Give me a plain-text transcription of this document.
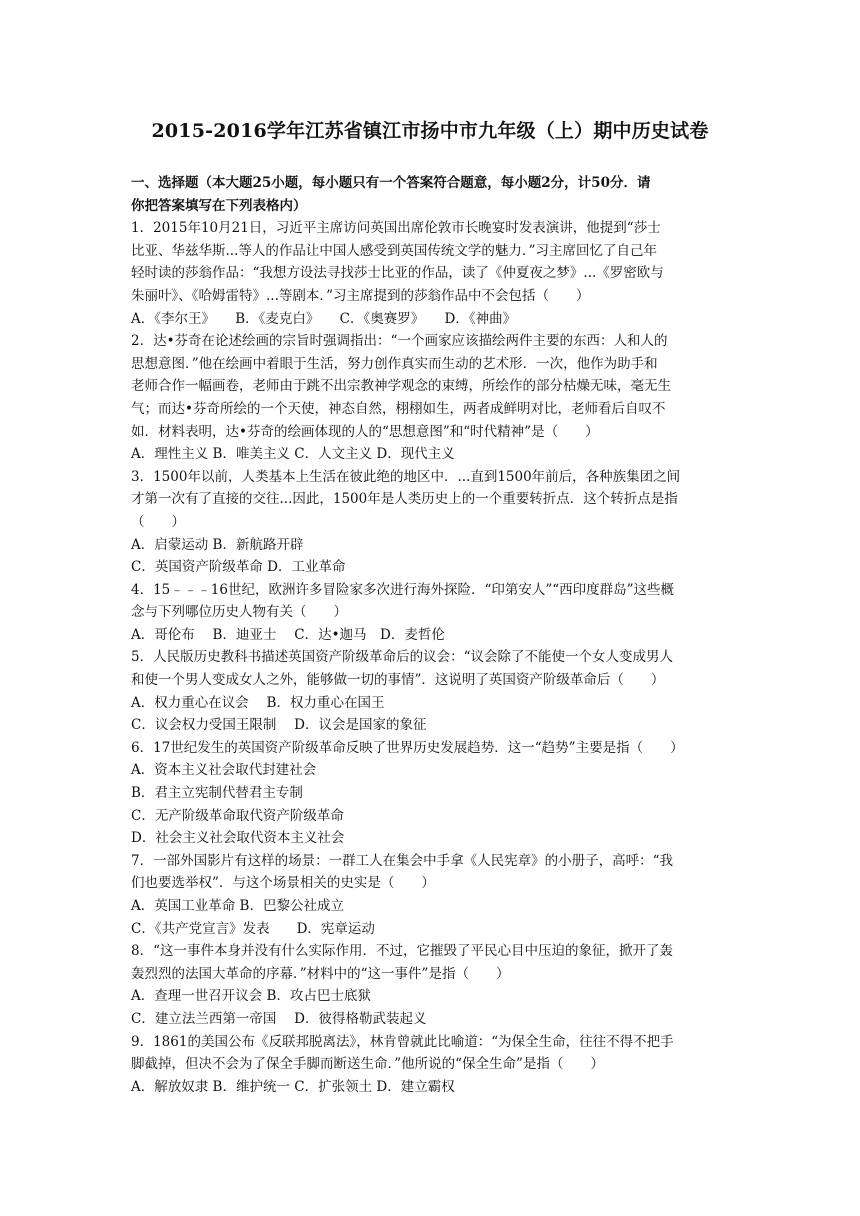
2015-2016学年江苏省镇江市扬中市九年级（上）期中历史试卷
一、选择题（本大题25小题，每小题只有一个答案符合题意，每小题2分，计50分．请
你把答案填写在下列表格内）
1．2015年10月21日，习近平主席访问英国出席伦敦市长晚宴时发表演讲，他提到“莎士
比亚、华兹华斯...等人的作品让中国人感受到英国传统文学的魅力．”习主席回忆了自己年
轻时读的莎翁作品：“我想方设法寻找莎士比亚的作品，读了《仲夏夜之梦》...《罗密欧与
朱丽叶》、《哈姆雷特》...等剧本．”习主席提到的莎翁作品中不会包括（　　）
A．《李尔王》　　B．《麦克白》　　C．《奥赛罗》　　D．《神曲》
2．达•芬奇在论述绘画的宗旨时强调指出：“一个画家应该描绘两件主要的东西：人和人的
思想意图．”他在绘画中着眼于生活，努力创作真实而生动的艺术形．一次，他作为助手和
老师合作一幅画卷，老师由于跳不出宗教神学观念的束缚，所绘作的部分枯燥无味，毫无生
气；而达•芬奇所绘的一个天使，神态自然，栩栩如生，两者成鲜明对比，老师看后自叹不
如．材料表明，达•芬奇的绘画体现的人的“思想意图”和“时代精神”是（　　）
A．理性主义 B．唯美主义 C．人文主义 D．现代主义
3．1500年以前，人类基本上生活在彼此绝的地区中．...直到1500年前后，各种族集团之间
才第一次有了直接的交往...因此，1500年是人类历史上的一个重要转折点．这个转折点是指
（　　）
A．启蒙运动 B．新航路开辟
C．英国资产阶级革命 D．工业革命
4．15﹣﹣﹣16世纪，欧洲许多冒险家多次进行海外探险．“印第安人”“西印度群岛”这些概
念与下列哪位历史人物有关（　　）
A．哥伦布　 B．迪亚士　 C．达•迦马　D．麦哲伦
5．人民版历史教科书描述英国资产阶级革命后的议会：“议会除了不能使一个女人变成男人
和使一个男人变成女人之外，能够做一切的事情”．这说明了英国资产阶级革命后（　　）
A．权力重心在议会　 B．权力重心在国王
C．议会权力受国王限制　 D．议会是国家的象征
6．17世纪发生的英国资产阶级革命反映了世界历史发展趋势．这一“趋势”主要是指（　　）
A．资本主义社会取代封建社会
B．君主立宪制代替君主专制
C．无产阶级革命取代资产阶级革命
D．社会主义社会取代资本主义社会
7．一部外国影片有这样的场景：一群工人在集会中手拿《人民宪章》的小册子，高呼：“我
们也要选举权”．与这个场景相关的史实是（　　）
A．英国工业革命 B．巴黎公社成立
C．《共产党宣言》发表　　D．宪章运动
8．“这一事件本身并没有什么实际作用．不过，它摧毁了平民心目中压迫的象征，掀开了轰
轰烈烈的法国大革命的序幕．”材料中的“这一事件”是指（　　）
A．查理一世召开议会 B．攻占巴士底狱
C．建立法兰西第一帝国　 D．彼得格勒武装起义
9．1861的美国公布《反联邦脱离法》，林肯曾就此比喻道：“为保全生命，往往不得不把手
脚截掉，但决不会为了保全手脚而断送生命．”他所说的“保全生命”是指（　　）
A．解放奴隶 B．维护统一 C．扩张领土 D．建立霸权
